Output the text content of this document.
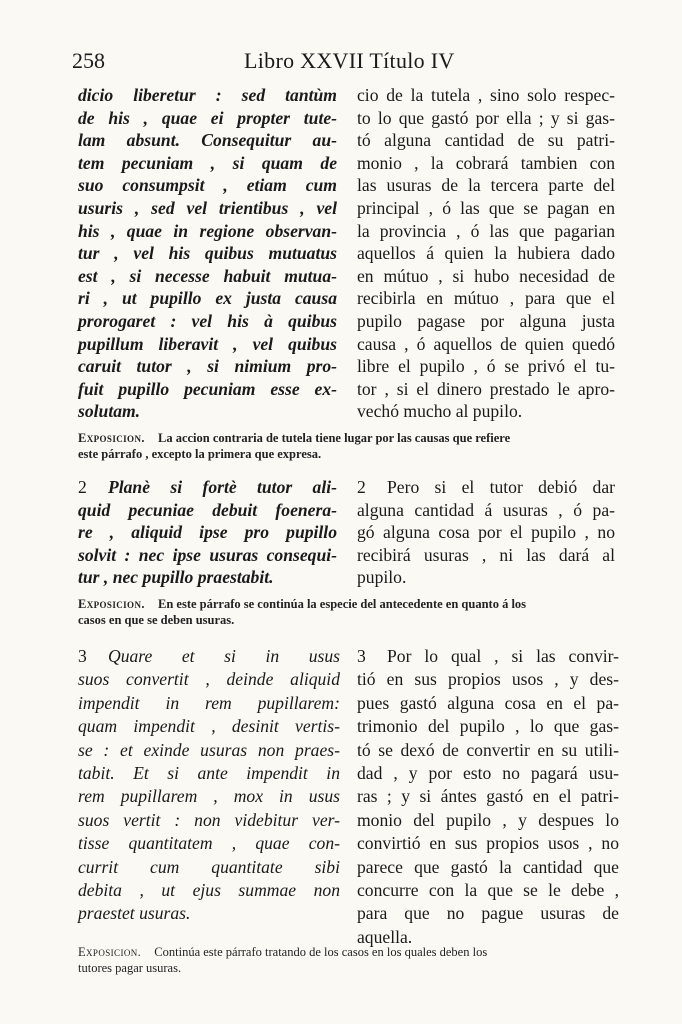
258	Libro XXVII Título IV
dicio liberetur : sed tantùm
de his , quae ei propter tute-
lam absunt. Consequitur au-
tem pecuniam , si quam de
suo consumpsit , etiam cum
usuris , sed vel trientibus , vel
his , quae in regione observan-
tur , vel his quibus mutuatus
est , si necesse habuit mutua-
ri , ut pupillo ex justa causa
prorogaret : vel his à quibus
pupillum liberavit , vel quibus
caruit tutor , si nimium pro-
fuit pupillo pecuniam esse ex-
solutam.
cio de la tutela , sino solo respec-
to lo que gastó por ella ; y si gas-
tó alguna cantidad de su patri-
monio , la cobrará tambien con
las usuras de la tercera parte del
principal , ó las que se pagan en
la provincia , ó las que pagarian
aquellos á quien la hubiera dado
en mútuo , si hubo necesidad de
recibirla en mútuo , para que el
pupilo pagase por alguna justa
causa , ó aquellos de quien quedó
libre el pupilo , ó se privó el tu-
tor , si el dinero prestado le apro-
vechó mucho al pupilo.
Exposicion. La accion contraria de tutela tiene lugar por las causas que refiere
este párrafo , excepto la primera que expresa.
2 Planè si fortè tutor ali-
quid pecuniae debuit foenera-
re , aliquid ipse pro pupillo
solvit : nec ipse usuras consequi-
tur , nec pupillo praestabit.
2 Pero si el tutor debió dar
alguna cantidad á usuras , ó pa-
gó alguna cosa por el pupilo , no
recibirá usuras , ni las dará al
pupilo.
Exposicion. En este párrafo se continúa la especie del antecedente en quanto á los
casos en que se deben usuras.
3 Quare et si in usus
suos convertit , deinde aliquid
impendit in rem pupillarem:
quam impendit , desinit vertis-
se : et exinde usuras non praes-
tabit. Et si ante impendit in
rem pupillarem , mox in usus
suos vertit : non videbitur ver-
tisse quantitatem , quae con-
currit cum quantitate sibi
debita , ut ejus summae non
praestet usuras.
3 Por lo qual , si las convir-
tió en sus propios usos , y des-
pues gastó alguna cosa en el pa-
trimonio del pupilo , lo que gas-
tó se dexó de convertir en su utili-
dad , y por esto no pagará usu-
ras ; y si ántes gastó en el patri-
monio del pupilo , y despues lo
convirtió en sus propios usos , no
parece que gastó la cantidad que
concurre con la que se le debe ,
para que no pague usuras de
aquella.
Exposicion. Continúa este párrafo tratando de los casos en los quales deben los
tutores pagar usuras.
